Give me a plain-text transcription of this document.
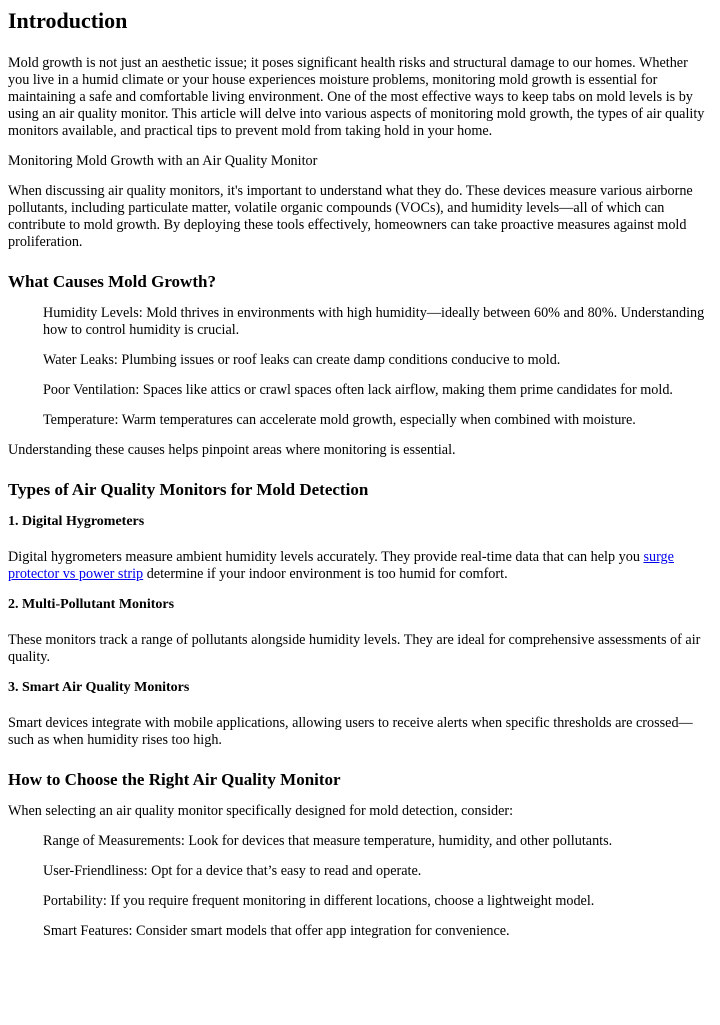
Introduction

Mold growth is not just an aesthetic issue; it poses significant health risks and structural damage to our homes. Whether you live in a humid climate or your house experiences moisture problems, monitoring mold growth is essential for maintaining a safe and comfortable living environment. One of the most effective ways to keep tabs on mold levels is by using an air quality monitor. This article will delve into various aspects of monitoring mold growth, the types of air quality monitors available, and practical tips to prevent mold from taking hold in your home.

Monitoring Mold Growth with an Air Quality Monitor

When discussing air quality monitors, it's important to understand what they do. These devices measure various airborne pollutants, including particulate matter, volatile organic compounds (VOCs), and humidity levels—all of which can contribute to mold growth. By deploying these tools effectively, homeowners can take proactive measures against mold proliferation.

What Causes Mold Growth?
Humidity Levels: Mold thrives in environments with high humidity—ideally between 60% and 80%. Understanding how to control humidity is crucial.
Water Leaks: Plumbing issues or roof leaks can create damp conditions conducive to mold.
Poor Ventilation: Spaces like attics or crawl spaces often lack airflow, making them prime candidates for mold.
Temperature: Warm temperatures can accelerate mold growth, especially when combined with moisture.

Understanding these causes helps pinpoint areas where monitoring is essential.

Types of Air Quality Monitors for Mold Detection
1. Digital Hygrometers

Digital hygrometers measure ambient humidity levels accurately. They provide real-time data that can help you surge protector vs power strip determine if your indoor environment is too humid for comfort.

2. Multi-Pollutant Monitors

These monitors track a range of pollutants alongside humidity levels. They are ideal for comprehensive assessments of air quality.

3. Smart Air Quality Monitors

Smart devices integrate with mobile applications, allowing users to receive alerts when specific thresholds are crossed—such as when humidity rises too high.

How to Choose the Right Air Quality Monitor

When selecting an air quality monitor specifically designed for mold detection, consider:

Range of Measurements: Look for devices that measure temperature, humidity, and other pollutants.
User-Friendliness: Opt for a device that’s easy to read and operate.
Portability: If you require frequent monitoring in different locations, choose a lightweight model.
Smart Features: Consider smart models that offer app integration for convenience.
